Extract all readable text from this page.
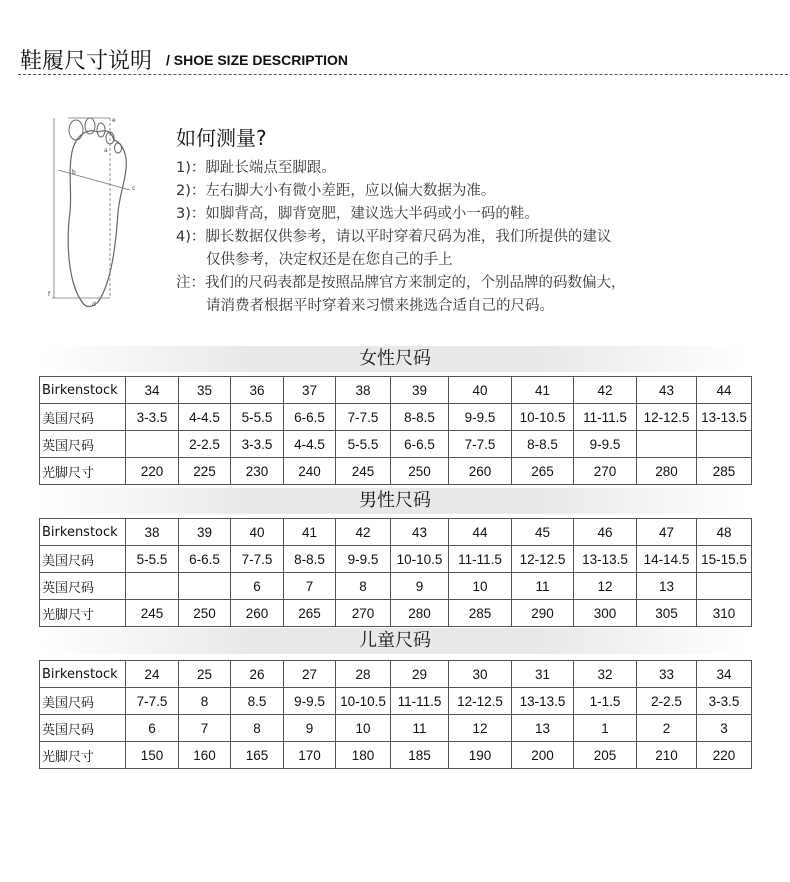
鞋履尺寸说明 / SHOE SIZE DESCRIPTION
e
a
b
c
d
f
如何测量?
1)：脚趾长端点至脚跟。
2)：左右脚大小有微小差距，应以偏大数据为准。
3)：如脚背高，脚背宽肥，建议选大半码或小一码的鞋。
4)：脚长数据仅供参考，请以平时穿着尺码为准，我们所提供的建议
仅供参考，决定权还是在您自己的手上
注：我们的尺码表都是按照品牌官方来制定的，个别品牌的码数偏大，
请消费者根据平时穿着来习惯来挑选合适自己的尺码。
女性尺码
Birkenstock	34	35	36	37	38	39	40	41	42	43	44
美国尺码	3-3.5	4-4.5	5-5.5	6-6.5	7-7.5	8-8.5	9-9.5	10-10.5	11-11.5	12-12.5	13-13.5
英国尺码		2-2.5	3-3.5	4-4.5	5-5.5	6-6.5	7-7.5	8-8.5	9-9.5		
光脚尺寸	220	225	230	240	245	250	260	265	270	280	285
男性尺码
Birkenstock	38	39	40	41	42	43	44	45	46	47	48
美国尺码	5-5.5	6-6.5	7-7.5	8-8.5	9-9.5	10-10.5	11-11.5	12-12.5	13-13.5	14-14.5	15-15.5
英国尺码			6	7	8	9	10	11	12	13	
光脚尺寸	245	250	260	265	270	280	285	290	300	305	310
儿童尺码
Birkenstock	24	25	26	27	28	29	30	31	32	33	34
美国尺码	7-7.5	8	8.5	9-9.5	10-10.5	11-11.5	12-12.5	13-13.5	1-1.5	2-2.5	3-3.5
英国尺码	6	7	8	9	10	11	12	13	1	2	3
光脚尺寸	150	160	165	170	180	185	190	200	205	210	220
